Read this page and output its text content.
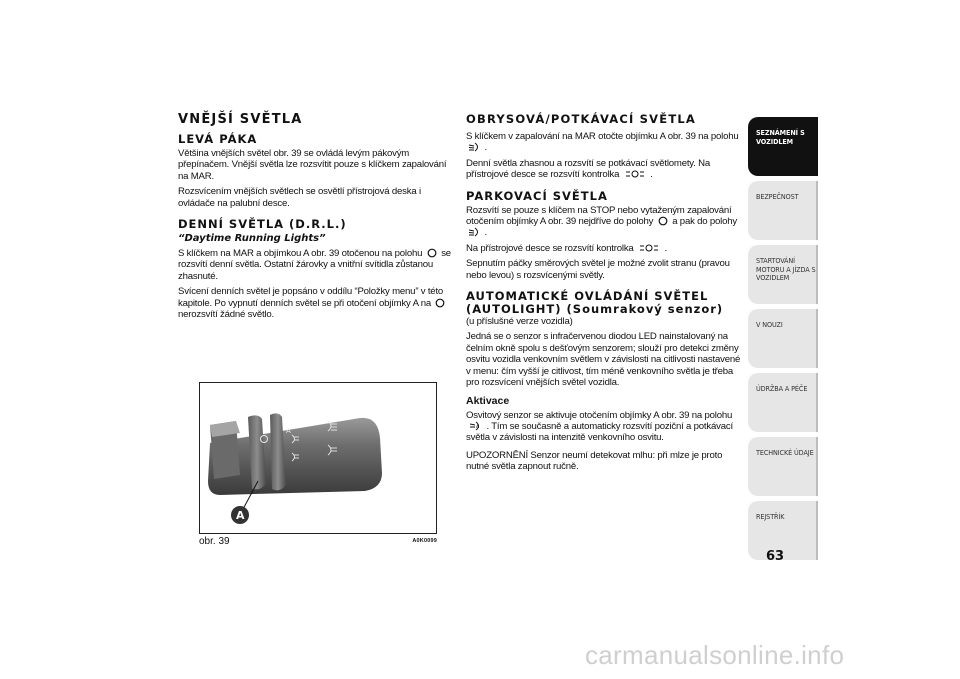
VNĚJŠÍ SVĚTLA
LEVÁ PÁKA

Většina vnějších světel obr. 39 se ovládá levým pákovým přepínačem. Vnější světla lze rozsvítit pouze s klíčkem zapalování na MAR.

Rozsvícením vnějších světlech se osvětlí přístrojová deska i ovládače na palubní desce.

DENNÍ SVĚTLA (D.R.L.)
“Daytime Running Lights”

S klíčkem na MAR a objímkou A obr. 39 otočenou na polohu se rozsvítí denní světla. Ostatní žárovky a vnitřní svítidla zůstanou zhasnuté.

Svícení denních světel je popsáno v oddílu “Položky menu” v této kapitole. Po vypnutí denních světel se při otočení objímky A na  nerozsvítí žádné světlo.

A
A
obr. 39	A0K0099
OBRYSOVÁ/POTKÁVACÍ SVĚTLA

S klíčkem v zapalování na MAR otočte objímku A obr. 39 na polohu  .

Denní světla zhasnou a rozsvítí se potkávací světlomety. Na přístrojové desce se rozsvítí kontrolka	.

PARKOVACÍ SVĚTLA

Rozsvítí se pouze s klíčem na STOP nebo vytaženým zapalování otočením objímky A obr. 39 nejdříve do polohy a pak do polohy  .

Na přístrojové desce se rozsvítí kontrolka	.

Sepnutím páčky směrových světel je možné zvolit stranu (pravou nebo levou) s rozsvícenými světly.

AUTOMATICKÉ OVLÁDÁNÍ SVĚTEL
(AUTOLIGHT) (Soumrakový senzor)

(u příslušné verze vozidla)

Jedná se o senzor s infračervenou diodou LED nainstalovaný na čelním okně spolu s dešťovým senzorem; slouží pro detekci změny osvitu vozidla venkovním světlem v závislosti na citlivosti nastavené v menu: čím vyšší je citlivost, tím méně venkovního světla je třeba pro rozsvícení vnějších světel vozidla.

Aktivace

Osvitový senzor se aktivuje otočením objímky A obr. 39 na polohu
A . Tím se současně a automaticky rozsvítí poziční a potkávací světla v závislosti na intenzitě venkovního osvitu.

UPOZORNĚNÍ Senzor neumí detekovat mlhu: při mlze je proto nutné světla zapnout ručně.

SEZNÁMENÍ S VOZIDLEM
BEZPEČNOST
STARTOVÁNÍ MOTORU A JÍZDA S VOZIDLEM
V NOUZI
ÚDRŽBA A PÉČE
TECHNICKÉ ÚDAJE
REJSTŘÍK
63
carmanualsonline.info
